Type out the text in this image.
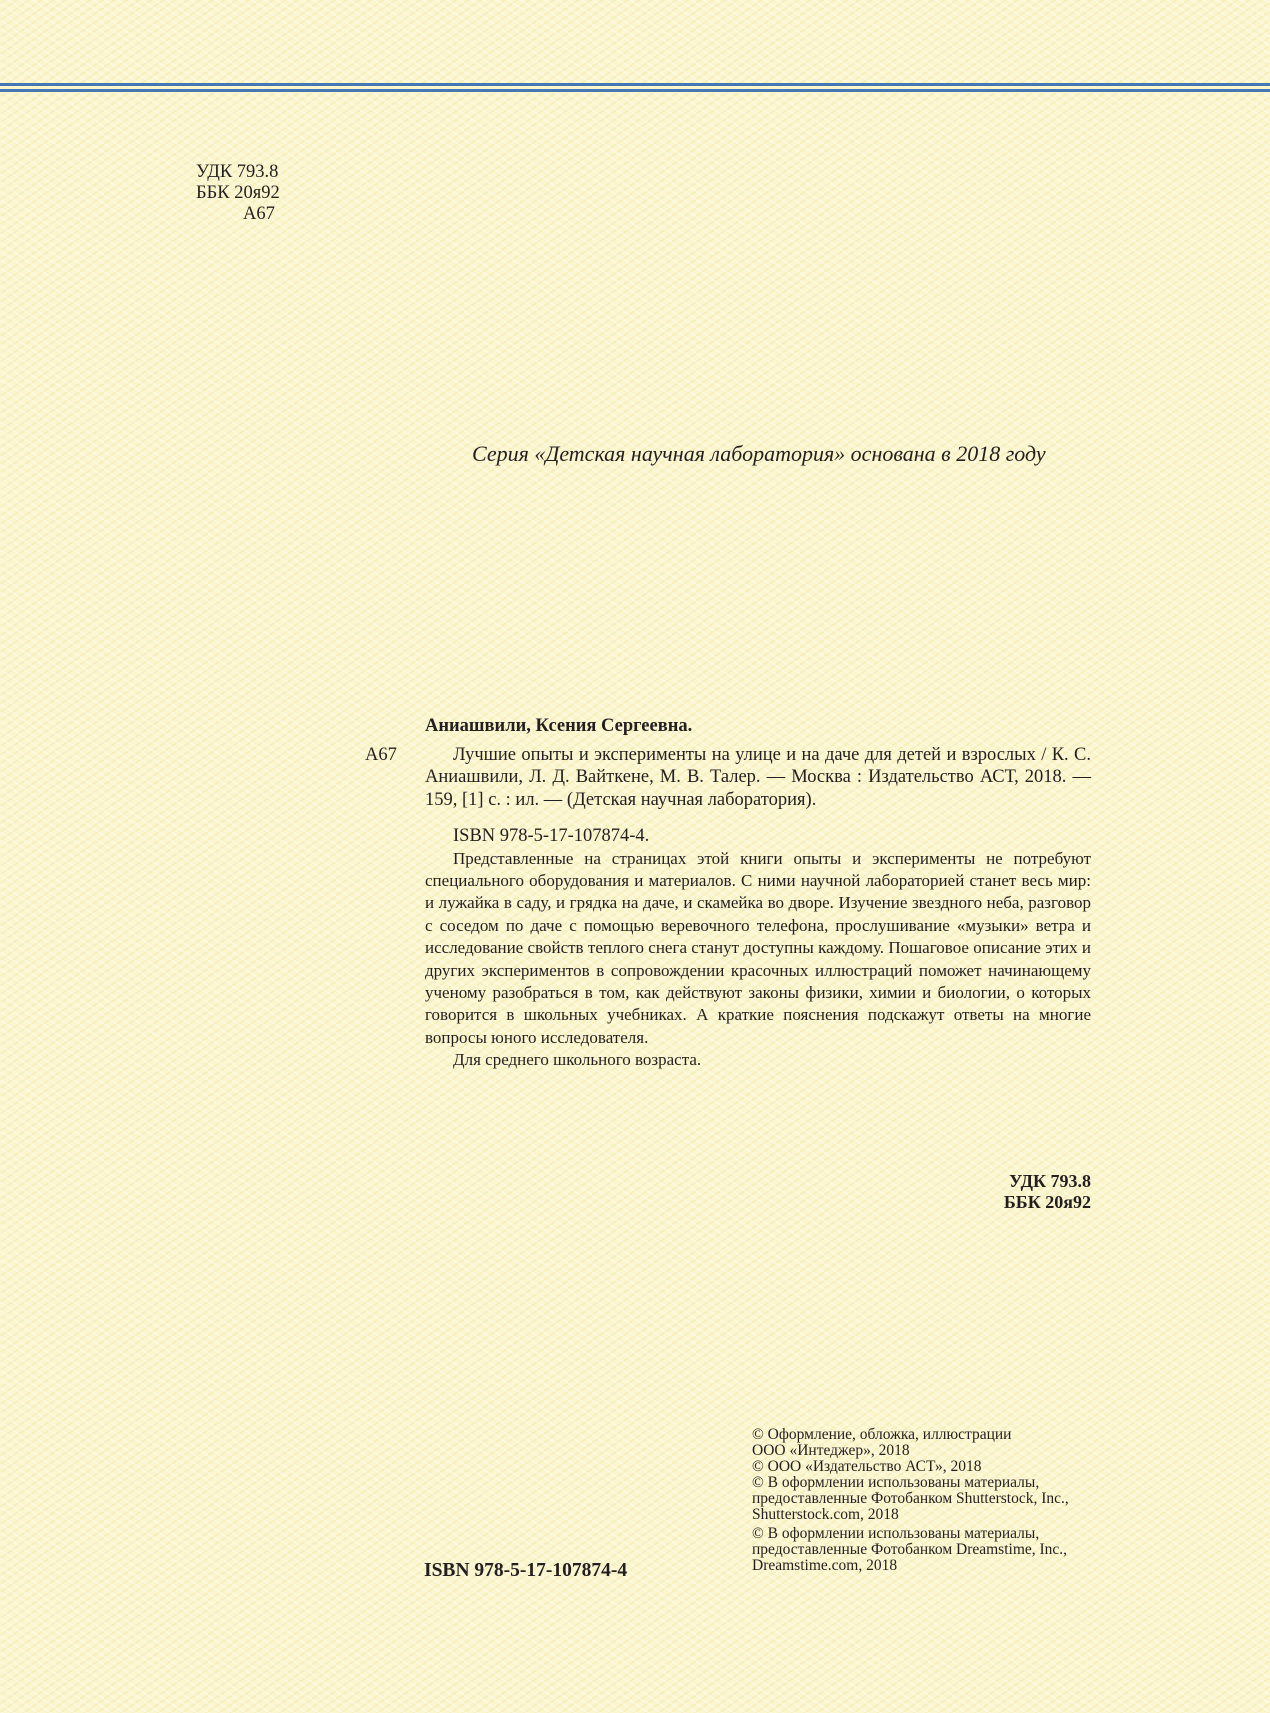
УДК 793.8
ББК 20я92
А67
Серия «Детская научная лаборатория» основана в 2018 году
Аниашвили, Ксения Сергеевна.
А67	Лучшие опыты и эксперименты на улице и на даче для детей и взрослых / К. С. Аниашвили, Л. Д. Вайткене, М. В. Талер. — Москва : Издательство АСТ, 2018. — 159, [1] с. : ил. — (Детская научная лаборатория).
ISBN 978-5-17-107874-4.

Представленные на страницах этой книги опыты и эксперименты не потребуют специального оборудования и материалов. С ними научной лабораторией станет весь мир: и лужайка в саду, и грядка на даче, и скамейка во дворе. Изучение звездного неба, разговор с соседом по даче с помощью веревочного телефона, прослушивание «музыки» ветра и исследование свойств теплого снега станут доступны каждому. Пошаговое описание этих и других экспериментов в сопровождении красочных иллюстраций поможет начинающему ученому разобраться в том, как действуют законы физики, химии и биологии, о которых говорится в школьных учебниках. А краткие пояснения подскажут ответы на многие вопросы юного исследователя.

Для среднего школьного возраста.

УДК 793.8
ББК 20я92
ISBN 978-5-17-107874-4

© Оформление, обложка, иллюстрации

ООО «Интеджер», 2018

© ООО «Издательство АСТ», 2018

© В оформлении использованы материалы,

предоставленные Фотобанком Shutterstock, Inc.,

Shutterstock.com, 2018

© В оформлении использованы материалы,

предоставленные Фотобанком Dreamstime, Inc.,

Dreamstime.com, 2018
